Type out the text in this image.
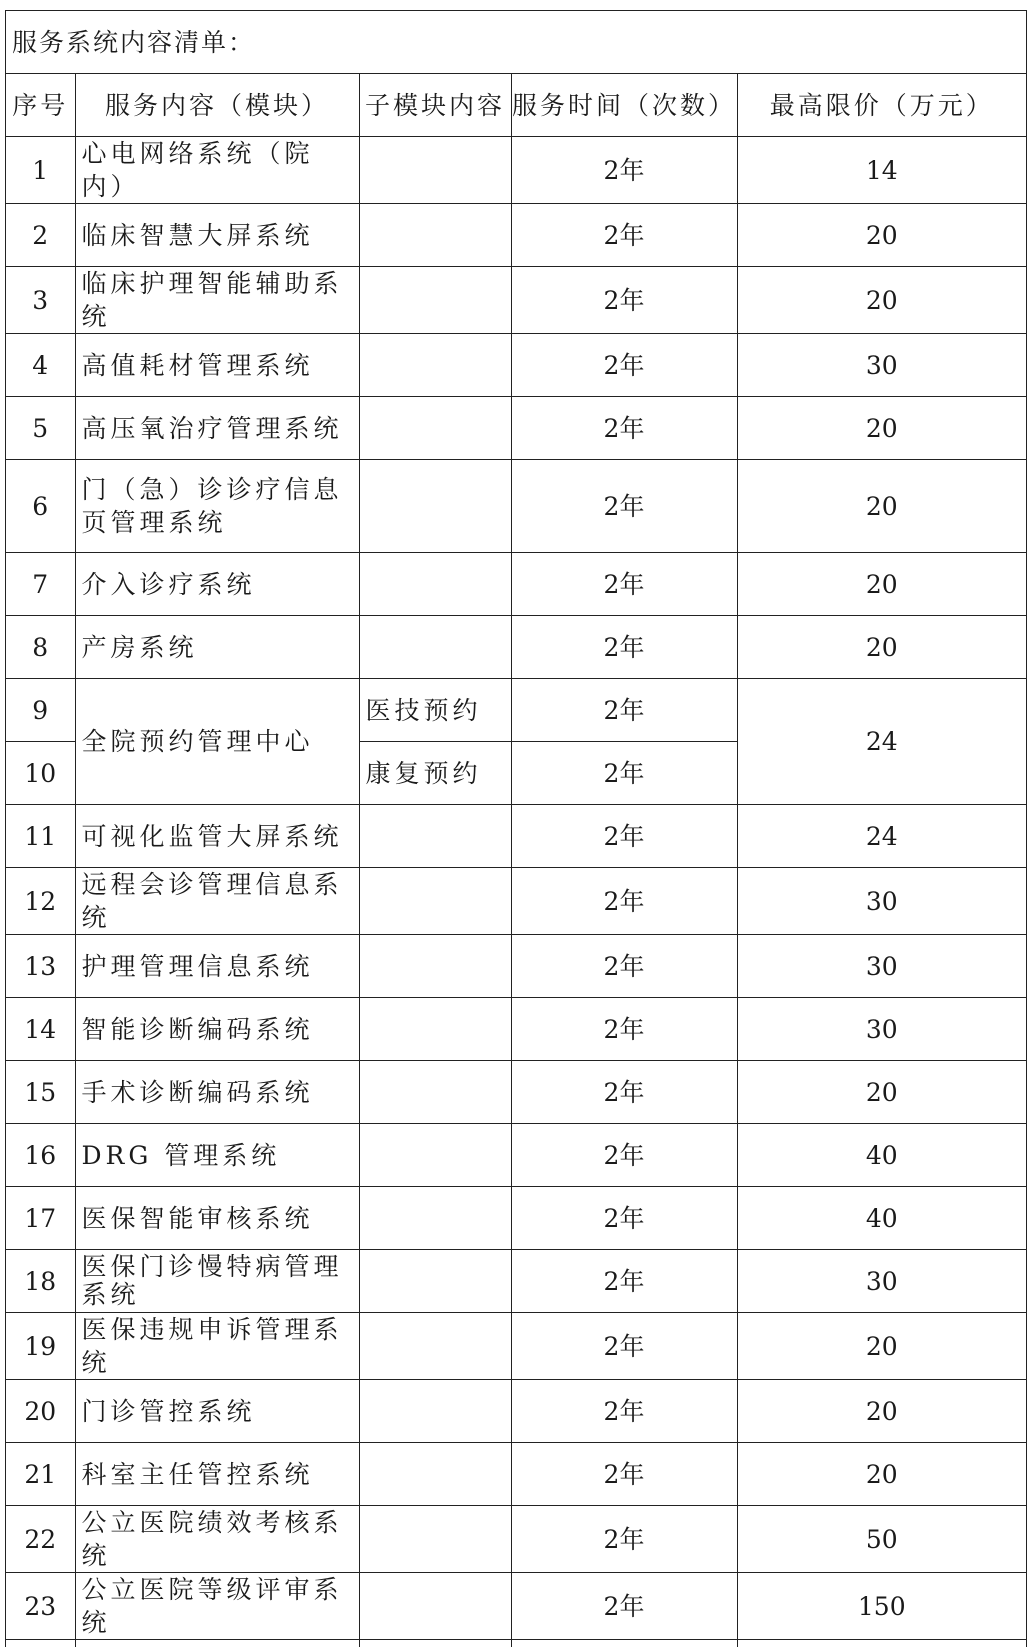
服务系统内容清单：				
序号	服务内容（模块）	子模块内容	服务时间（次数）	最高限价（万元）
1	心电网络系统（院内）		2年	14
2	临床智慧大屏系统		2年	20
3	临床护理智能辅助系统		2年	20
4	高值耗材管理系统		2年	30
5	高压氧治疗管理系统		2年	20
6	门（急）诊诊疗信息页管理系统		2年	20
7	介入诊疗系统		2年	20
8	产房系统		2年	20
9	全院预约管理中心	医技预约	2年	24
10		康复预约	2年	
11	可视化监管大屏系统		2年	24
12	远程会诊管理信息系统		2年	30
13	护理管理信息系统		2年	30
14	智能诊断编码系统		2年	30
15	手术诊断编码系统		2年	20
16	DRG 管理系统		2年	40
17	医保智能审核系统		2年	40
18	医保门诊慢特病管理系统		2年	30
19	医保违规申诉管理系统		2年	20
20	门诊管控系统		2年	20
21	科室主任管控系统		2年	20
22	公立医院绩效考核系统		2年	50
23	公立医院等级评审系统		2年	150
